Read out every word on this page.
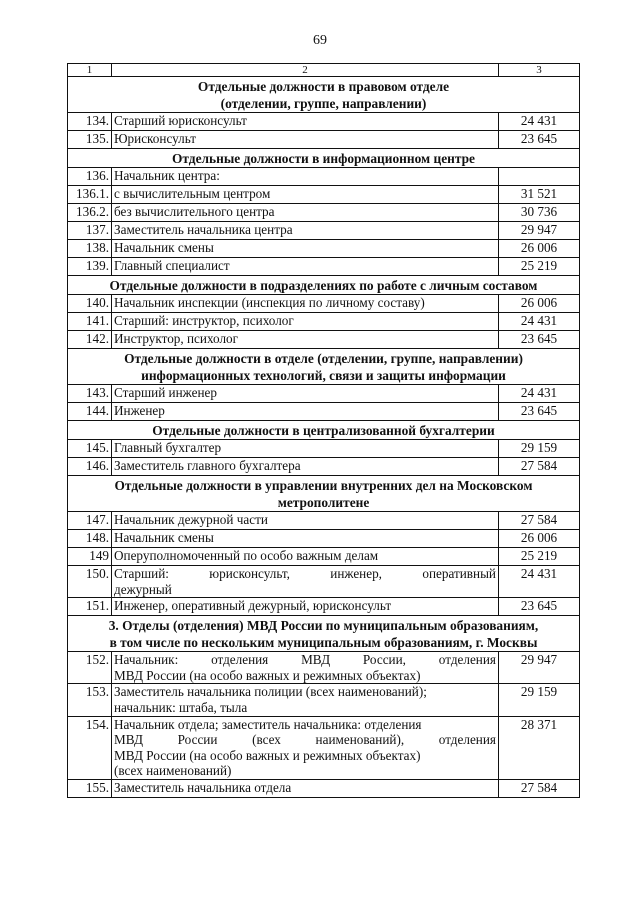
69
1	2	3

Отдельные должности в правовом отделе
(отделении, группе, направлении)		

134.	Старший юрисконсульт	24 431
135.	Юрисконсульт	23 645

Отдельные должности в информационном центре		

136.	Начальник центра:	
136.1.	с вычислительным центром	31 521
136.2.	без вычислительного центра	30 736
137.	Заместитель начальника центра	29 947
138.	Начальник смены	26 006
139.	Главный специалист	25 219

Отдельные должности в подразделениях по работе с личным составом		

140.	Начальник инспекции (инспекция по личному составу)	26 006
141.	Старший: инструктор, психолог	24 431
142.	Инструктор, психолог	23 645

Отдельные должности в отделе (отделении, группе, направлении)
информационных технологий, связи и защиты информации		

143.	Старший инженер	24 431
144.	Инженер	23 645

Отдельные должности в централизованной бухгалтерии		

145.	Главный бухгалтер	29 159
146.	Заместитель главного бухгалтера	27 584

Отдельные должности в управлении внутренних дел на Московском
метрополитене		

147.	Начальник дежурной части	27 584
148.	Начальник смены	26 006
149	Оперуполномоченный по особо важным делам	25 219
150.	Старший: юрисконсульт, инженер, оперативный
дежурный	24 431
151.	Инженер, оперативный дежурный, юрисконсульт	23 645

3. Отделы (отделения) МВД России по муниципальным образованиям,
в том числе по нескольким муниципальным образованиям, г. Москвы		

152.	Начальник: отделения МВД России, отделения
МВД России (на особо важных и режимных объектах)	29 947
153.	Заместитель начальника полиции (всех наименований);
начальник: штаба, тыла	29 159
154.	Начальник отдела; заместитель начальника: отделения
МВД России (всех наименований), отделения
МВД России (на особо важных и режимных объектах)
(всех наименований)	28 371
155.	Заместитель начальника отдела	27 584
